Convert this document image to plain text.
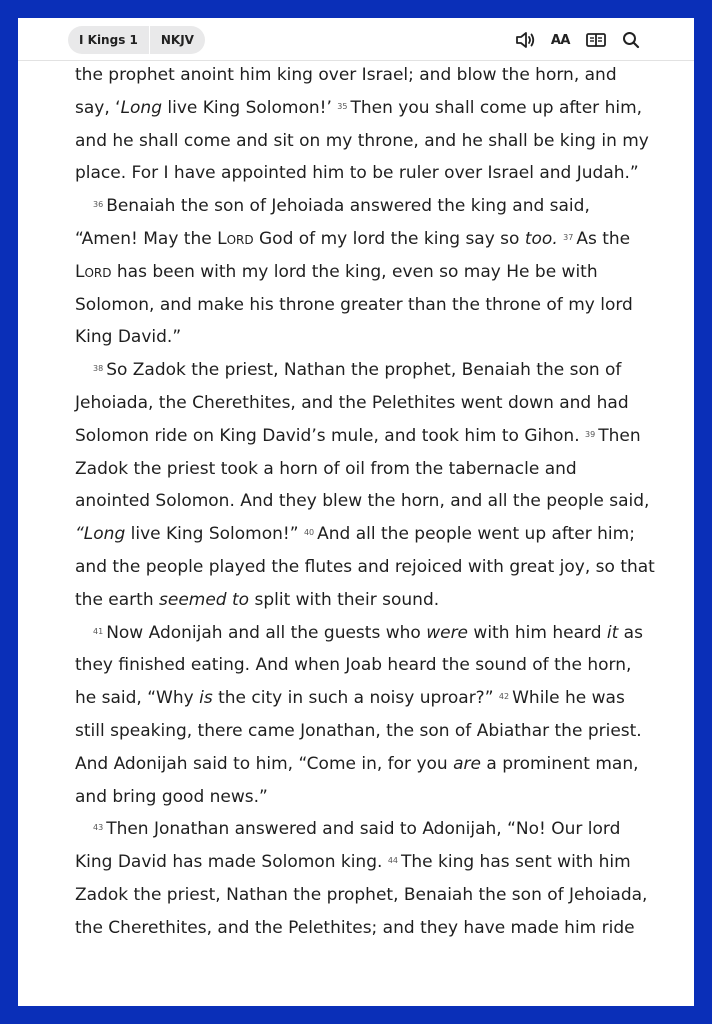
I Kings 1	NKJV	AA

the prophet anoint him king over Israel; and blow the horn, and say, ‘Long live King Solomon!’ $^{35}$ Then you shall come up after him, and he shall come and sit on my throne, and he shall be king in my place. For I have appointed him to be ruler over Israel and Judah.”

$^{36}$ Benaiah the son of Jehoiada answered the king and said, “Amen! May the Lord God of my lord the king say so too. $^{37}$ As the Lord has been with my lord the king, even so may He be with Solomon, and make his throne greater than the throne of my lord King David.”

$^{38}$ So Zadok the priest, Nathan the prophet, Benaiah the son of Jehoiada, the Cherethites, and the Pelethites went down and had Solomon ride on King David’s mule, and took him to Gihon. $^{39}$ Then Zadok the priest took a horn of oil from the tabernacle and anointed Solomon. And they blew the horn, and all the people said, “Long live King Solomon!” $^{40}$ And all the people went up after him; and the people played the flutes and rejoiced with great joy, so that the earth seemed to split with their sound.

$^{41}$ Now Adonijah and all the guests who were with him heard it as they finished eating. And when Joab heard the sound of the horn, he said, “Why is the city in such a noisy uproar?” $^{42}$ While he was still speaking, there came Jonathan, the son of Abiathar the priest. And Adonijah said to him, “Come in, for you are a prominent man, and bring good news.”

$^{43}$ Then Jonathan answered and said to Adonijah, “No! Our lord King David has made Solomon king. $^{44}$ The king has sent with him Zadok the priest, Nathan the prophet, Benaiah the son of Jehoiada, the Cherethites, and the Pelethites; and they have made him ride
